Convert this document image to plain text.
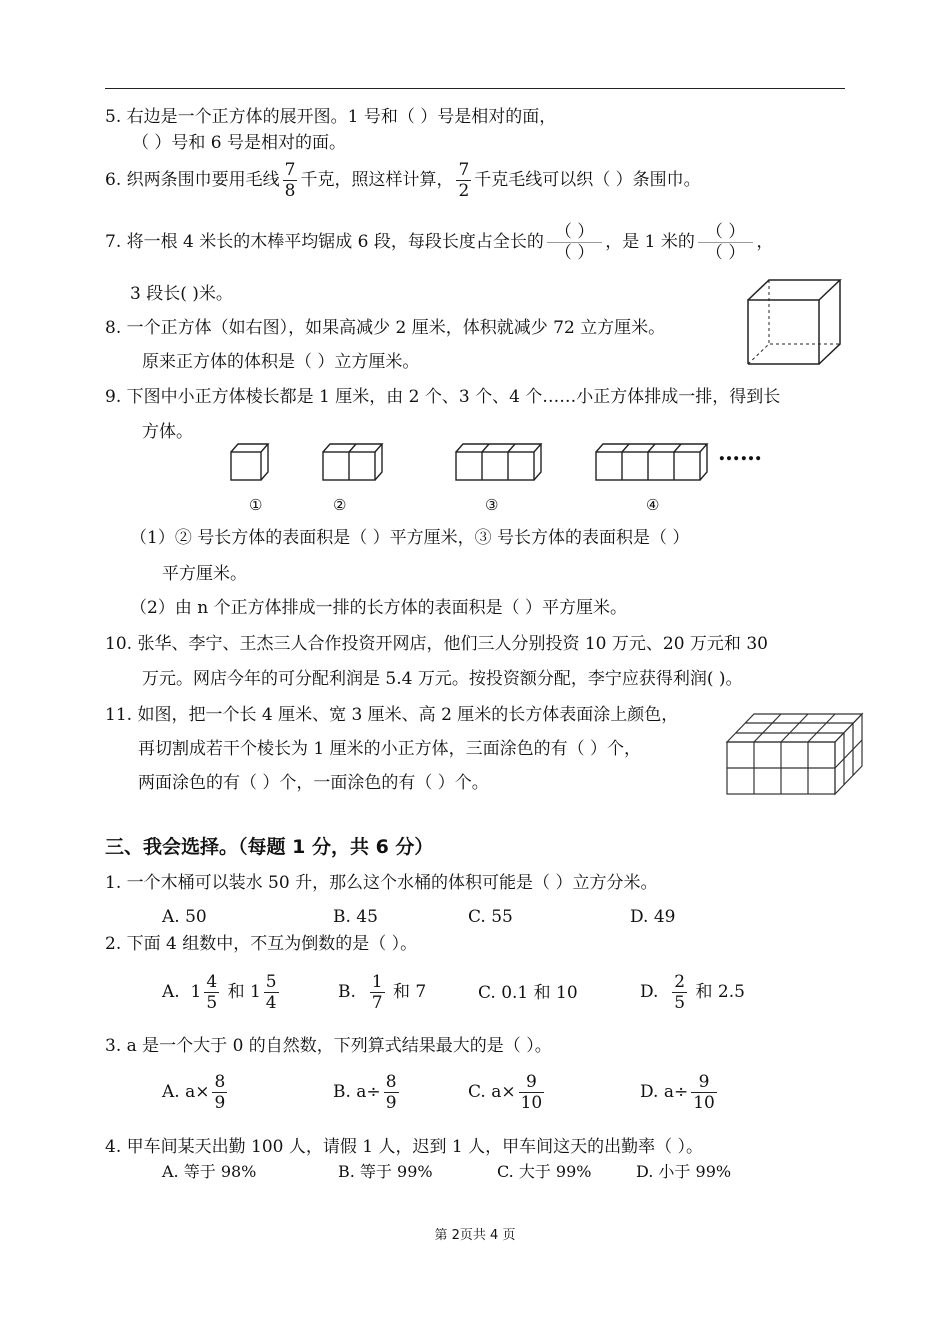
5. 右边是一个正方体的展开图。1 号和（ ）号是相对的面，
（ ）号和 6 号是相对的面。
6. 织两条围巾要用毛线 $\frac{7}{8}$ 千克，照这样计算， $\frac{7}{2}$ 千克毛线可以织（ ）条围巾。
7. 将一根 4 米长的木棒平均锯成 6 段，每段长度占全长的 （ ）
（ ）
，是 1 米的 （ ）
（ ）
，
3 段长( )米。
8. 一个正方体（如右图），如果高减少 2 厘米，体积就减少 72 立方厘米。
原来正方体的体积是（ ）立方厘米。
9. 下图中小正方体棱长都是 1 厘米，由 2 个、3 个、4 个……小正方体排成一排，得到长
方体。
……
①	②	③	④
（1）② 号长方体的表面积是（ ）平方厘米，③ 号长方体的表面积是（ ）
平方厘米。
（2）由 n 个正方体排成一排的长方体的表面积是（ ）平方厘米。
10. 张华、李宁、王杰三人合作投资开网店，他们三人分别投资 10 万元、20 万元和 30
万元。网店今年的可分配利润是 5.4 万元。按投资额分配，李宁应获得利润( )。
11. 如图，把一个长 4 厘米、宽 3 厘米、高 2 厘米的长方体表面涂上颜色，
再切割成若干个棱长为 1 厘米的小正方体，三面涂色的有（ ）个，
两面涂色的有（ ）个，一面涂色的有（ ）个。
三、我会选择。（每题 1 分，共 6 分）
1. 一个木桶可以装水 50 升，那么这个水桶的体积可能是（ ）立方分米。
A. 50	B. 45	C. 55	D. 49
2. 下面 4 组数中，不互为倒数的是（ ）。
A. $1 \frac{4}{5}$ 和 $1 \frac{5}{4}$	B. $\frac{1}{7}$ 和 7	C. 0.1 和 10	D. $\frac{2}{5}$ 和 2.5
3. a 是一个大于 0 的自然数，下列算式结果最大的是（ ）。
A. $a\times \frac{8}{9}$	B. $a\div \frac{8}{9}$	C. $a\times \frac{9}{10}$	D. $a\div \frac{9}{10}$
4. 甲车间某天出勤 100 人，请假 1 人，迟到 1 人，甲车间这天的出勤率（ ）。
A. 等于 98%	B. 等于 99%	C. 大于 99%	D. 小于 99%
第 2页共 4 页
